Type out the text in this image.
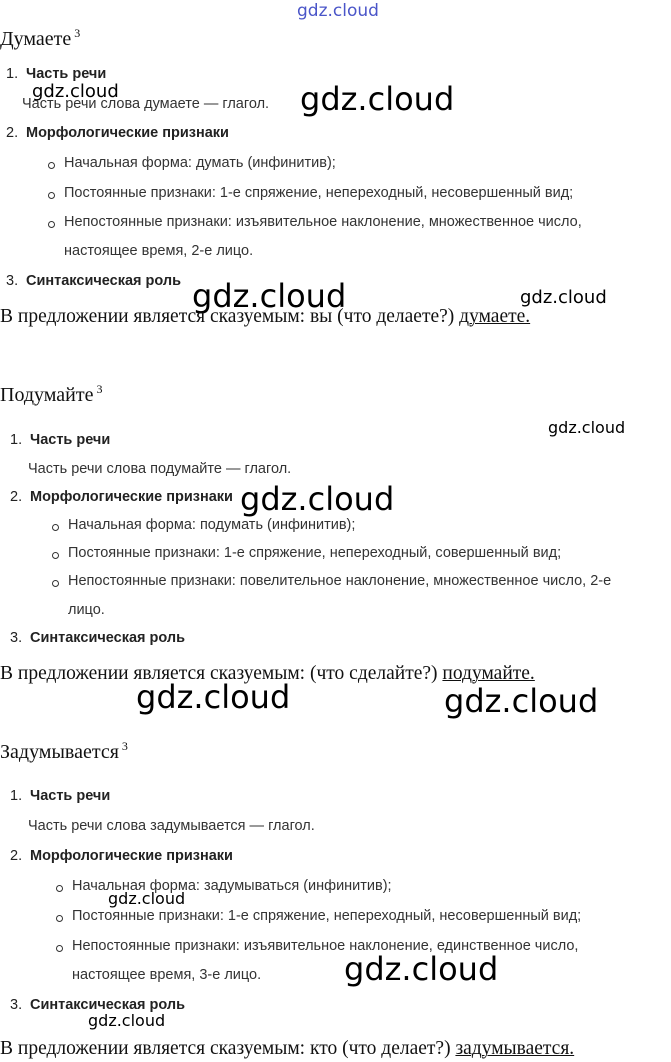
gdz.cloud
gdz.cloud	gdz.cloud
gdz.cloud	gdz.cloud
gdz.cloud
gdz.cloud
gdz.cloud	gdz.cloud
gdz.cloud
gdz.cloud
gdz.cloud
Думаете $^3$
1. Часть речи
Часть речи слова думаете — глагол.
2. Морфологические признаки
Начальная форма: думать (инфинитив);
Постоянные признаки: 1-е спряжение, непереходный, несовершенный вид;
Непостоянные признаки: изъявительное наклонение, множественное число,
настоящее время, 2-е лицо.
3. Синтаксическая роль
В предложении является сказуемым: вы (что делаете?) думаете.
Подумайте $^3$
1. Часть речи
Часть речи слова подумайте — глагол.
2. Морфологические признаки
Начальная форма: подумать (инфинитив);
Постоянные признаки: 1-е спряжение, непереходный, совершенный вид;
Непостоянные признаки: повелительное наклонение, множественное число, 2-е
лицо.
3. Синтаксическая роль
В предложении является сказуемым: (что сделайте?) подумайте.
Задумывается $^3$
1. Часть речи
Часть речи слова задумывается — глагол.
2. Морфологические признаки
Начальная форма: задумываться (инфинитив);
Постоянные признаки: 1-е спряжение, непереходный, несовершенный вид;
Непостоянные признаки: изъявительное наклонение, единственное число,
настоящее время, 3-е лицо.
3. Синтаксическая роль
В предложении является сказуемым: кто (что делает?) задумывается.
